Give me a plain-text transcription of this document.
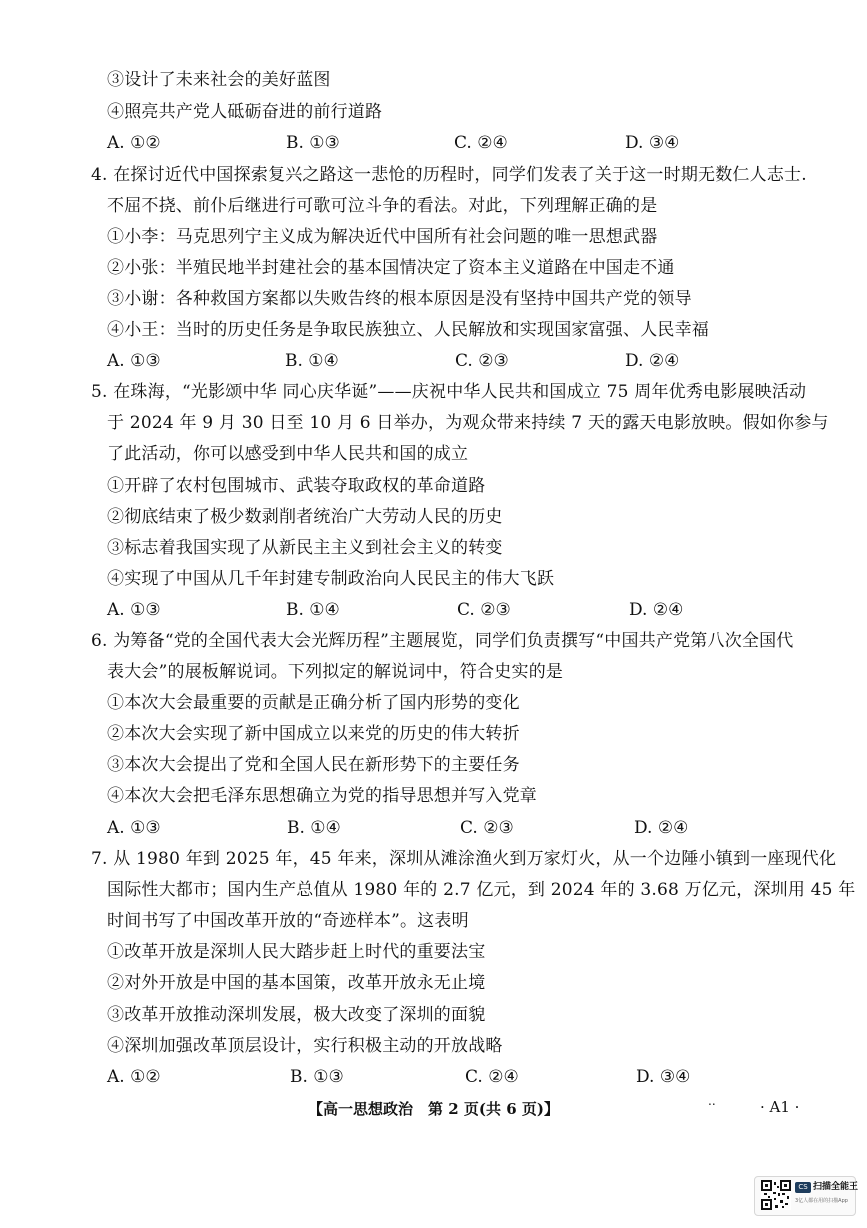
③设计了未来社会的美好蓝图
④照亮共产党人砥砺奋进的前行道路
A. ①②	B. ①③	C. ②④	D. ③④
4. 在探讨近代中国探索复兴之路这一悲怆的历程时，同学们发表了关于这一时期无数仁人志士.
不屈不挠、前仆后继进行可歌可泣斗争的看法。对此，下列理解正确的是
①小李：马克思列宁主义成为解决近代中国所有社会问题的唯一思想武器
②小张：半殖民地半封建社会的基本国情决定了资本主义道路在中国走不通
③小谢：各种救国方案都以失败告终的根本原因是没有坚持中国共产党的领导
④小王：当时的历史任务是争取民族独立、人民解放和实现国家富强、人民幸福
A. ①③	B. ①④	C. ②③	D. ②④
5. 在珠海，“光影颂中华 同心庆华诞”——庆祝中华人民共和国成立 75 周年优秀电影展映活动
于 2024 年 9 月 30 日至 10 月 6 日举办，为观众带来持续 7 天的露天电影放映。假如你参与
了此活动，你可以感受到中华人民共和国的成立
①开辟了农村包围城市、武装夺取政权的革命道路
②彻底结束了极少数剥削者统治广大劳动人民的历史
③标志着我国实现了从新民主主义到社会主义的转变
④实现了中国从几千年封建专制政治向人民民主的伟大飞跃
A. ①③	B. ①④	C. ②③	D. ②④
6. 为筹备“党的全国代表大会光辉历程”主题展览，同学们负责撰写“中国共产党第八次全国代
表大会”的展板解说词。下列拟定的解说词中，符合史实的是
①本次大会最重要的贡献是正确分析了国内形势的变化
②本次大会实现了新中国成立以来党的历史的伟大转折
③本次大会提出了党和全国人民在新形势下的主要任务
④本次大会把毛泽东思想确立为党的指导思想并写入党章
A. ①③	B. ①④	C. ②③	D. ②④
7. 从 1980 年到 2025 年，45 年来，深圳从滩涂渔火到万家灯火，从一个边陲小镇到一座现代化
国际性大都市；国内生产总值从 1980 年的 2.7 亿元，到 2024 年的 3.68 万亿元，深圳用 45 年
时间书写了中国改革开放的“奇迹样本”。这表明
①改革开放是深圳人民大踏步赶上时代的重要法宝
②对外开放是中国的基本国策，改革开放永无止境
③改革开放推动深圳发展，极大改变了深圳的面貌
④深圳加强改革顶层设计，实行积极主动的开放战略
A. ①②	B. ①③	C. ②④	D. ③④
【高一思想政治　第 2 页(共 6 页)】	..	· A1 ·
CS 扫描全能王
3亿人都在用的扫描App
